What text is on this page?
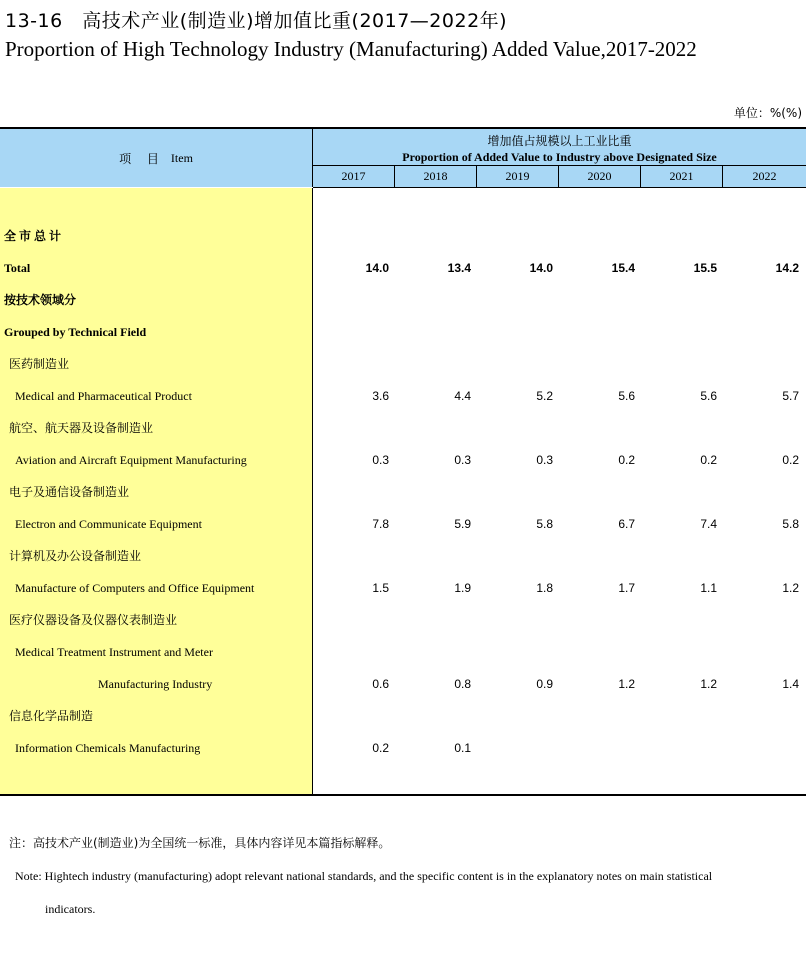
13-16　高技术产业(制造业)增加值比重(2017—2022年)
Proportion of High Technology Industry (Manufacturing) Added Value,2017-2022
单位：%(%)
项 目 Item
增加值占规模以上工业比重
Proportion of Added Value to Industry above Designated Size
2017	2018	2019	2020	2021	2022
全市总计
Total	14.0	13.4	14.0	15.4	15.5	14.2
按技术领域分
Grouped by Technical Field
医药制造业
Medical and Pharmaceutical Product	3.6	4.4	5.2	5.6	5.6	5.7
航空、航天器及设备制造业
Aviation and Aircraft Equipment Manufacturing	0.3	0.3	0.3	0.2	0.2	0.2
电子及通信设备制造业
Electron and Communicate Equipment	7.8	5.9	5.8	6.7	7.4	5.8
计算机及办公设备制造业
Manufacture of Computers and Office Equipment	1.5	1.9	1.8	1.7	1.1	1.2
医疗仪器设备及仪器仪表制造业
Medical Treatment Instrument and Meter
Manufacturing Industry	0.6	0.8	0.9	1.2	1.2	1.4
信息化学品制造
Information Chemicals Manufacturing	0.2	0.1
注：高技术产业(制造业)为全国统一标准，具体内容详见本篇指标解释。
Note: Hightech industry (manufacturing) adopt relevant national standards, and the specific content is in the explanatory notes on main statistical
indicators.
